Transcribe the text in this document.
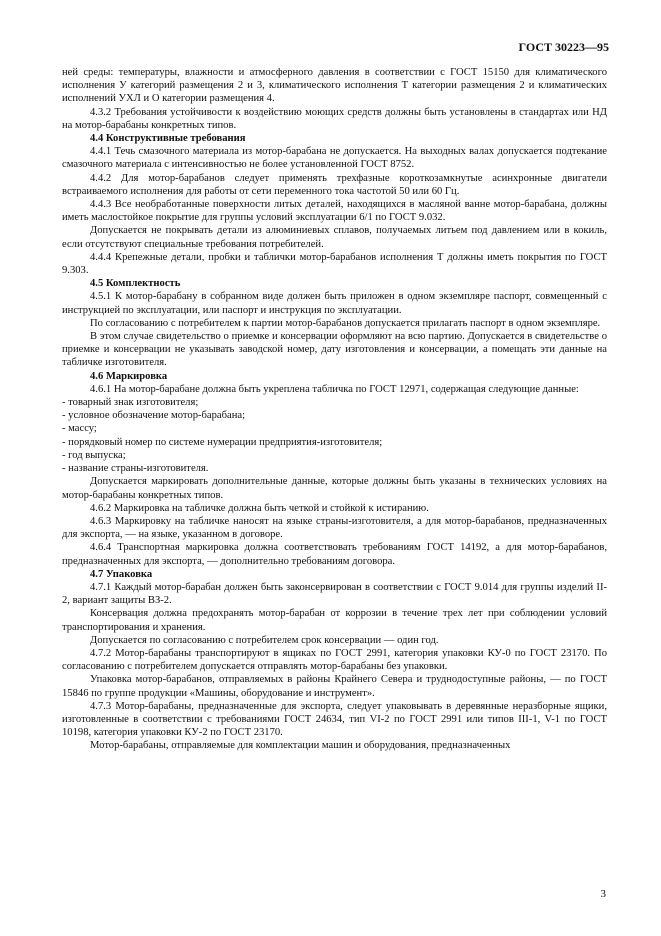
ГОСТ 30223—95

ней среды: температуры, влажности и атмосферного давления в соответствии с ГОСТ 15150 для климатического исполнения У категорий размещения 2 и 3, климатического исполнения Т категории размещения 2 и климатических исполнений УХЛ и О категории размещения 4.

4.3.2 Требования устойчивости к воздействию моющих средств должны быть установлены в стандартах или НД на мотор-барабаны конкретных типов.

4.4 Конструктивные требования

4.4.1 Течь смазочного материала из мотор-барабана не допускается. На выходных валах допускается подтекание смазочного материала с интенсивностью не более установленной ГОСТ 8752.

4.4.2 Для мотор-барабанов следует применять трехфазные короткозамкнутые асинхронные двигатели встраиваемого исполнения для работы от сети переменного тока частотой 50 или 60 Гц.

4.4.3 Все необработанные поверхности литых деталей, находящихся в масляной ванне мотор-барабана, должны иметь маслостойкое покрытие для группы условий эксплуатации 6/1 по ГОСТ 9.032.

Допускается не покрывать детали из алюминиевых сплавов, получаемых литьем под давлением или в кокиль, если отсутствуют специальные требования потребителей.

4.4.4 Крепежные детали, пробки и таблички мотор-барабанов исполнения Т должны иметь покрытия по ГОСТ 9.303.

4.5 Комплектность

4.5.1 К мотор-барабану в собранном виде должен быть приложен в одном экземпляре паспорт, совмещенный с инструкцией по эксплуатации, или паспорт и инструкция по эксплуатации.

По согласованию с потребителем к партии мотор-барабанов допускается прилагать паспорт в одном экземпляре.

В этом случае свидетельство о приемке и консервации оформляют на всю партию. Допускается в свидетельстве о приемке и консервации не указывать заводской номер, дату изготовления и консервации, а помещать эти данные на табличке изготовителя.

4.6 Маркировка

4.6.1 На мотор-барабане должна быть укреплена табличка по ГОСТ 12971, содержащая следующие данные:

- товарный знак изготовителя;

- условное обозначение мотор-барабана;

- массу;

- порядковый номер по системе нумерации предприятия-изготовителя;

- год выпуска;

- название страны-изготовителя.

Допускается маркировать дополнительные данные, которые должны быть указаны в технических условиях на мотор-барабаны конкретных типов.

4.6.2 Маркировка на табличке должна быть четкой и стойкой к истиранию.

4.6.3 Маркировку на табличке наносят на языке страны-изготовителя, а для мотор-барабанов, предназначенных для экспорта, — на языке, указанном в договоре.

4.6.4 Транспортная маркировка должна соответствовать требованиям ГОСТ 14192, а для мотор-барабанов, предназначенных для экспорта, — дополнительно требованиям договора.

4.7 Упаковка

4.7.1 Каждый мотор-барабан должен быть законсервирован в соответствии с ГОСТ 9.014 для группы изделий II-2, вариант защиты ВЗ-2.

Консервация должна предохранять мотор-барабан от коррозии в течение трех лет при соблюдении условий транспортирования и хранения.

Допускается по согласованию с потребителем срок консервации — один год.

4.7.2 Мотор-барабаны транспортируют в ящиках по ГОСТ 2991, категория упаковки КУ-0 по ГОСТ 23170. По согласованию с потребителем допускается отправлять мотор-барабаны без упаковки.

Упаковка мотор-барабанов, отправляемых в районы Крайнего Севера и труднодоступные районы, — по ГОСТ 15846 по группе продукции «Машины, оборудование и инструмент».

4.7.3 Мотор-барабаны, предназначенные для экспорта, следует упаковывать в деревянные неразборные ящики, изготовленные в соответствии с требованиями ГОСТ 24634, тип VI-2 по ГОСТ 2991 или типов III-1, V-1 по ГОСТ 10198, категория упаковки КУ-2 по ГОСТ 23170.

Мотор-барабаны, отправляемые для комплектации машин и оборудования, предназначенных

3
